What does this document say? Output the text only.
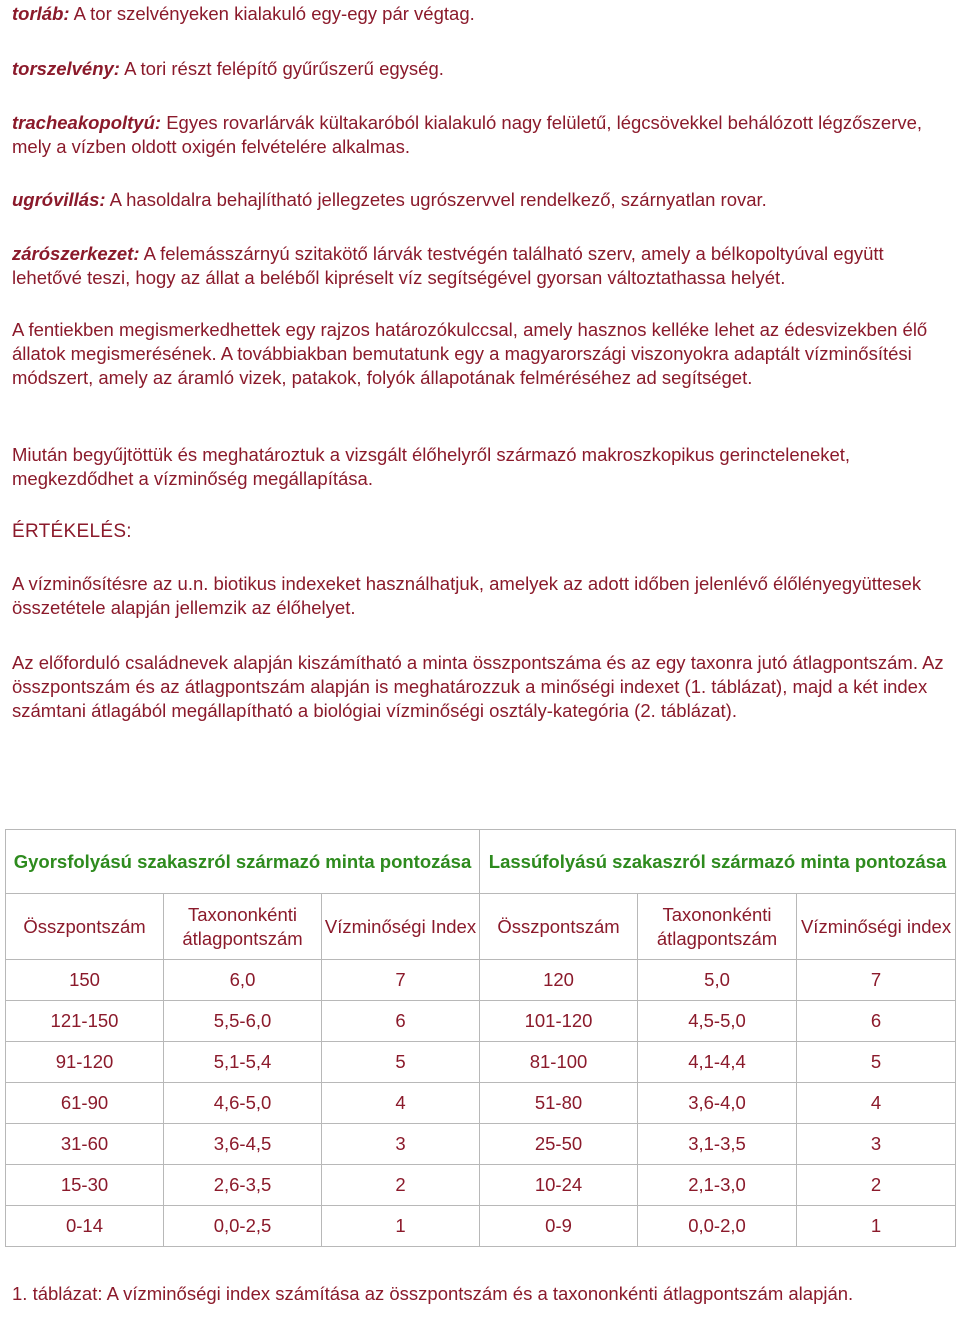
torláb: A tor szelvényeken kialakuló egy-egy pár végtag.

torszelvény: A tori részt felépítő gyűrűszerű egység.

tracheakopoltyú: Egyes rovarlárvák kültakaróból kialakuló nagy felületű, légcsövekkel behálózott légzőszerve, mely a vízben oldott oxigén felvételére alkalmas.

ugróvillás: A hasoldalra behajlítható jellegzetes ugrószervvel rendelkező, szárnyatlan rovar.

zárószerkezet: A felemásszárnyú szitakötő lárvák testvégén található szerv, amely a bélkopoltyúval együtt lehetővé teszi, hogy az állat a beléből kipréselt víz segítségével gyorsan változtathassa helyét.

A fentiekben megismerkedhettek egy rajzos határozókulccsal, amely hasznos kelléke lehet az édesvizekben élő állatok megismerésének. A továbbiakban bemutatunk egy a magyarországi viszonyokra adaptált vízminősítési módszert, amely az áramló vizek, patakok, folyók állapotának felméréséhez ad segítséget.

Miután begyűjtöttük és meghatároztuk a vizsgált élőhelyről származó makroszkopikus gerincteleneket, megkezdődhet a vízminőség megállapítása.

ÉRTÉKELÉS:

A vízminősítésre az u.n. biotikus indexeket használhatjuk, amelyek az adott időben jelenlévő élőlényegyüttesek összetétele alapján jellemzik az élőhelyet.

Az előforduló családnevek alapján kiszámítható a minta összpontszáma és az egy taxonra jutó átlagpontszám. Az összpontszám és az átlagpontszám alapján is meghatározzuk a minőségi indexet (1. táblázat), majd a két index számtani átlagából megállapítható a biológiai vízminőségi osztály-kategória (2. táblázat).

1. táblázat: A vízminőségi index számítása az összpontszám és a taxononkénti átlagpontszám alapján.

Gyorsfolyású szakaszról származó minta pontozása			Lassúfolyású szakaszról származó minta pontozása		
Összpontszám	Taxononkénti átlagpontszám	Vízminőségi Index	Összpontszám	Taxononkénti átlagpontszám	Vízminőségi index
150	6,0	7	120	5,0	7
121-150	5,5-6,0	6	101-120	4,5-5,0	6
91-120	5,1-5,4	5	81-100	4,1-4,4	5
61-90	4,6-5,0	4	51-80	3,6-4,0	4
31-60	3,6-4,5	3	25-50	3,1-3,5	3
15-30	2,6-3,5	2	10-24	2,1-3,0	2
0-14	0,0-2,5	1	0-9	0,0-2,0	1
